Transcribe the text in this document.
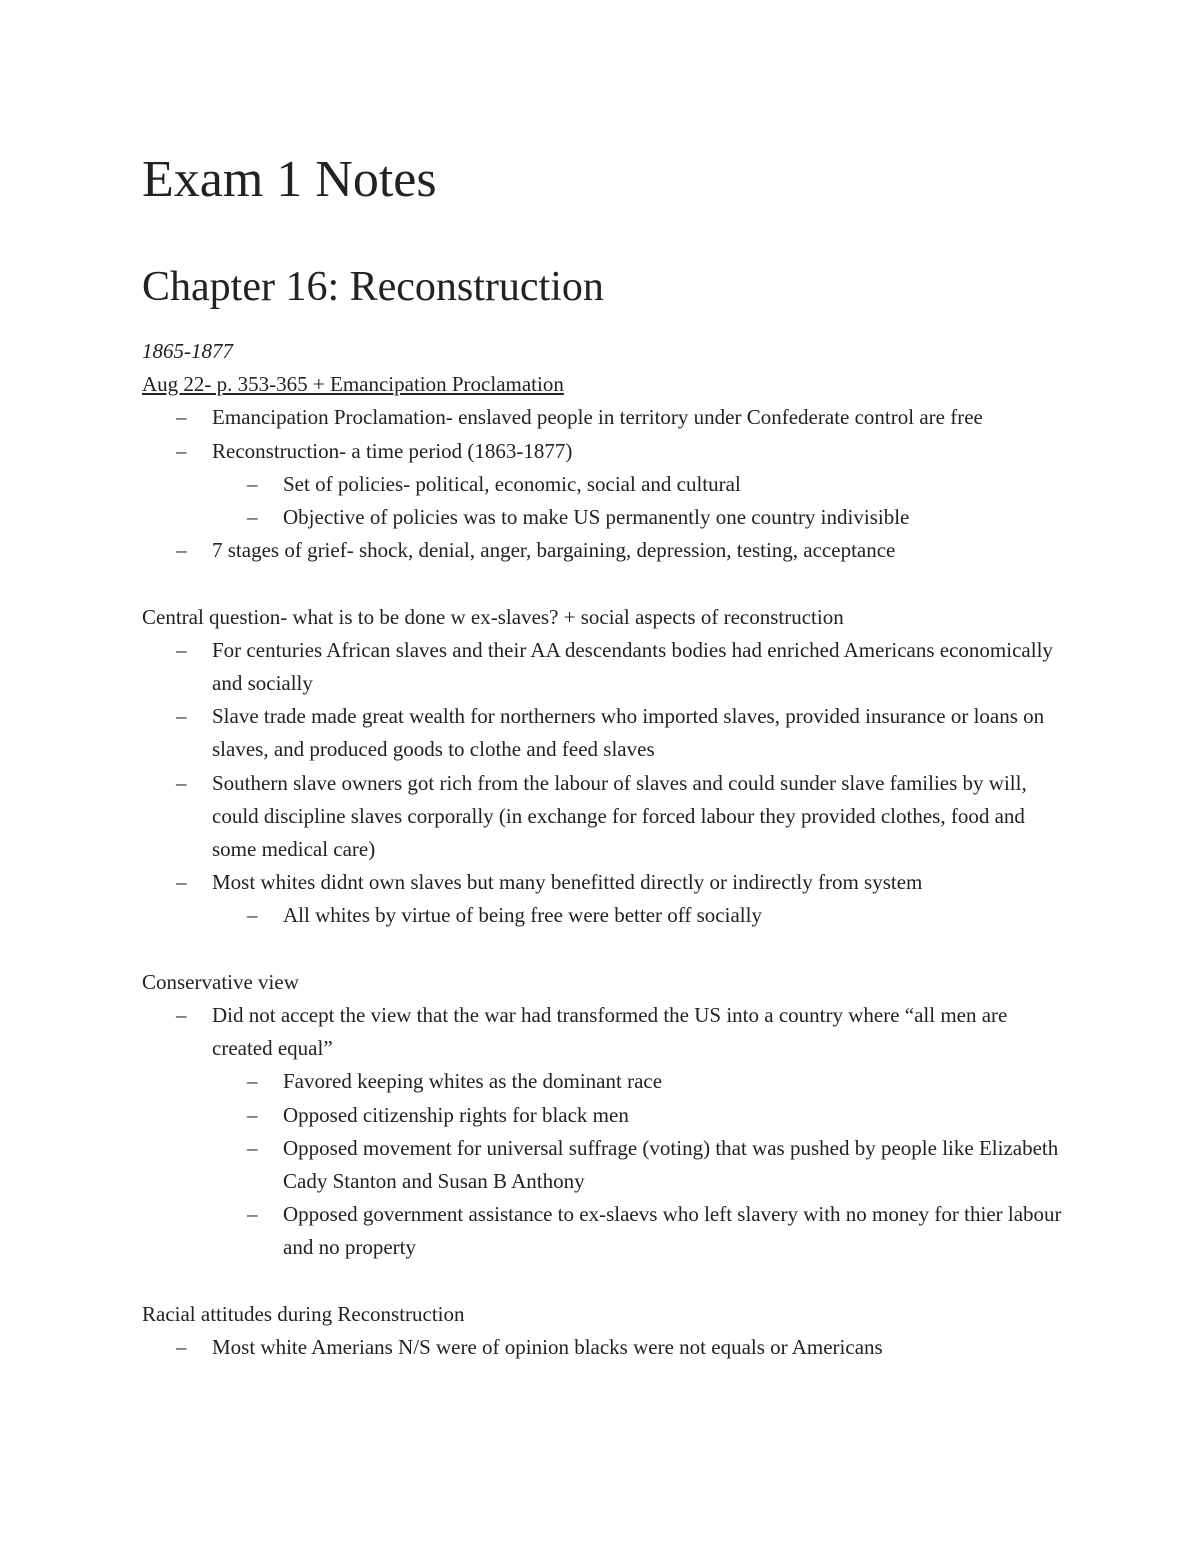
Exam 1 Notes
Chapter 16: Reconstruction

1865-1877

Aug 22- p. 353-365 + Emancipation Proclamation

– Emancipation Proclamation- enslaved people in territory under Confederate control are free
– Reconstruction- a time period (1863-1877)
– Set of policies- political, economic, social and cultural
– Objective of policies was to make US permanently one country indivisible
– 7 stages of grief- shock, denial, anger, bargaining, depression, testing, acceptance

Central question- what is to be done w ex-slaves? + social aspects of reconstruction

– For centuries African slaves and their AA descendants bodies had enriched Americans economically and socially
– Slave trade made great wealth for northerners who imported slaves, provided insurance or loans on slaves, and produced goods to clothe and feed slaves
– Southern slave owners got rich from the labour of slaves and could sunder slave families by will, could discipline slaves corporally (in exchange for forced labour they provided clothes, food and some medical care)
– Most whites didnt own slaves but many benefitted directly or indirectly from system
– All whites by virtue of being free were better off socially

Conservative view

– Did not accept the view that the war had transformed the US into a country where “all men are created equal”
– Favored keeping whites as the dominant race
– Opposed citizenship rights for black men
– Opposed movement for universal suffrage (voting) that was pushed by people like Elizabeth Cady Stanton and Susan B Anthony
– Opposed government assistance to ex-slaevs who left slavery with no money for thier labour and no property

Racial attitudes during Reconstruction

– Most white Amerians N/S were of opinion blacks were not equals or Americans
